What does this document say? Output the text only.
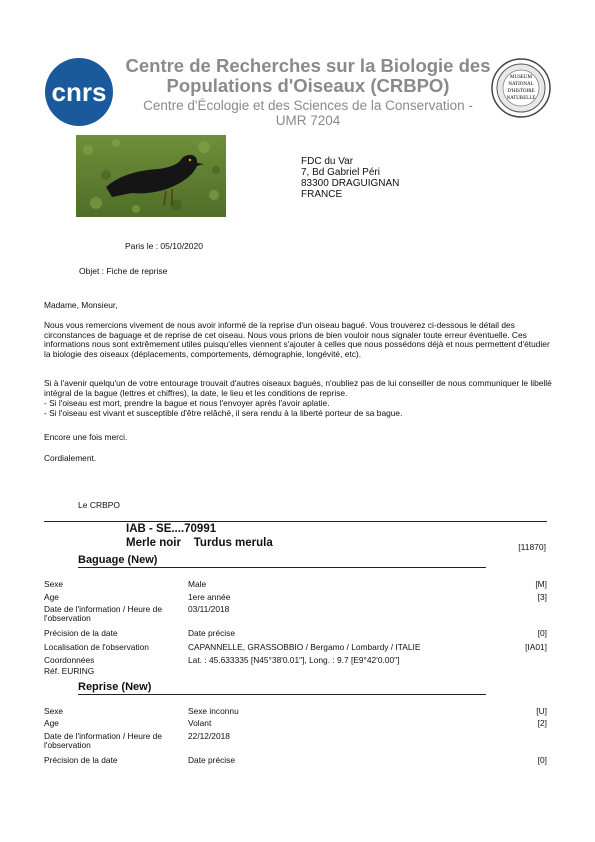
cnrs
Centre de Recherches sur la Biologie des
Populations d'Oiseaux (CRBPO)
Centre d'Écologie et des Sciences de la Conservation -
UMR 7204
MUSEUM
NATIONAL
D'HISTOIRE
NATURELLE
FDC du Var
7, Bd Gabriel Péri
83300 DRAGUIGNAN
FRANCE
Paris le : 05/10/2020
Objet : Fiche de reprise
Madame, Monsieur,
Nous vous remercions vivement de nous avoir informé de la reprise d'un oiseau bagué. Vous trouverez ci-dessous le détail des circonstances de baguage et de reprise de cet oiseau. Nous vous prions de bien vouloir nous signaler toute erreur éventuelle. Ces informations nous sont extrêmement utiles puisqu'elles viennent s'ajouter à celles que nous possédons déjà et nous permettent d'étudier la biologie des oiseaux (déplacements, comportements, démographie, longévité, etc).
Si à l'avenir quelqu'un de votre entourage trouvait d'autres oiseaux bagués, n'oubliez pas de lui conseiller de nous communiquer le libellé intégral de la bague (lettres et chiffres), la date, le lieu et les conditions de reprise.
- Si l'oiseau est mort, prendre la bague et nous l'envoyer après l'avoir aplatie.
- Si l'oiseau est vivant et susceptible d'être relâché, il sera rendu à la liberté porteur de sa bague.
Encore une fois merci.
Cordialement.
Le CRBPO
IAB - SE....70991
Merle noir Turdus merula	[11870]
Baguage (New)
Sexe	Male	[M]
Age	1ere année	[3]
Date de l'information / Heure de l'observation
03/11/2018
Précision de la date	Date précise	[0]
Localisation de l'observation	CAPANNELLE, GRASSOBBIO / Bergamo / Lombardy / ITALIE	[IA01]
Coordonnées	Lat. : 45.633335 [N45°38'0.01"], Long. : 9.7 [E9°42'0.00"]
Réf. EURING
Reprise (New)
Sexe	Sexe inconnu	[U]
Age	Volant	[2]
Date de l'information / Heure de l'observation
22/12/2018
Précision de la date	Date précise	[0]
